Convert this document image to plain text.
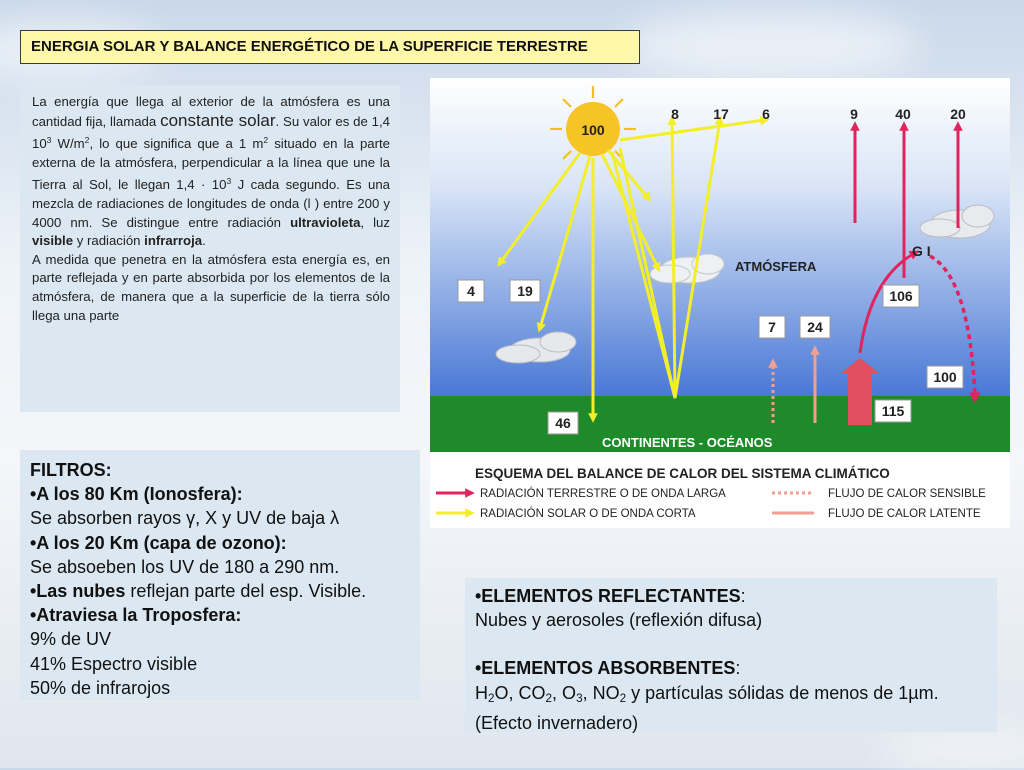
ENERGIA SOLAR Y BALANCE ENERGÉTICO DE LA SUPERFICIE TERRESTRE

La energía que llega al exterior de la atmósfera es una cantidad fija, llamada constante solar. Su valor es de 1,4 $10^3$ $W/m^2$, lo que significa que a 1 $m^2$ situado en la parte externa de la atmósfera, perpendicular a la línea que une la Tierra al Sol, le llegan $1,4 \cdot 10^3$ J cada segundo. Es una mezcla de radiaciones de longitudes de onda (l ) entre 200 y 4000 nm. Se distingue entre radiación ultravioleta, luz visible y radiación infrarroja.

A medida que penetra en la atmósfera esta energía es, en parte reflejada y en parte absorbida por los elementos de la atmósfera, de manera que a la superficie de la tierra sólo llega una parte

FILTROS:
•A los 80 Km (Ionosfera):
Se absorben rayos γ, X y UV de baja λ
•A los 20 Km (capa de ozono):
Se absoeben los UV de 180 a 290 nm.
•Las nubes reflejan parte del esp. Visible.
•Atraviesa la Troposfera:
9% de UV
41% Espectro visible
50% de infrarojos
•ELEMENTOS REFLECTANTES:
Nubes y aerosoles (reflexión difusa)
•ELEMENTOS ABSORBENTES:
$H_2O$, $CO_2$, $O_3$, $NO_2$ y partículas sólidas de menos de 1µm.
(Efecto invernadero)
100
8 17 6	9	40	20
4	19
46
7 24
106
115
100
G I
ATMÓSFERA
CONTINENTES - OCÉANOS
ESQUEMA DEL BALANCE DE CALOR DEL SISTEMA CLIMÁTICO
RADIACIÓN TERRESTRE O DE ONDA LARGA	FLUJO DE CALOR SENSIBLE
RADIACIÓN SOLAR O DE ONDA CORTA	FLUJO DE CALOR LATENTE
